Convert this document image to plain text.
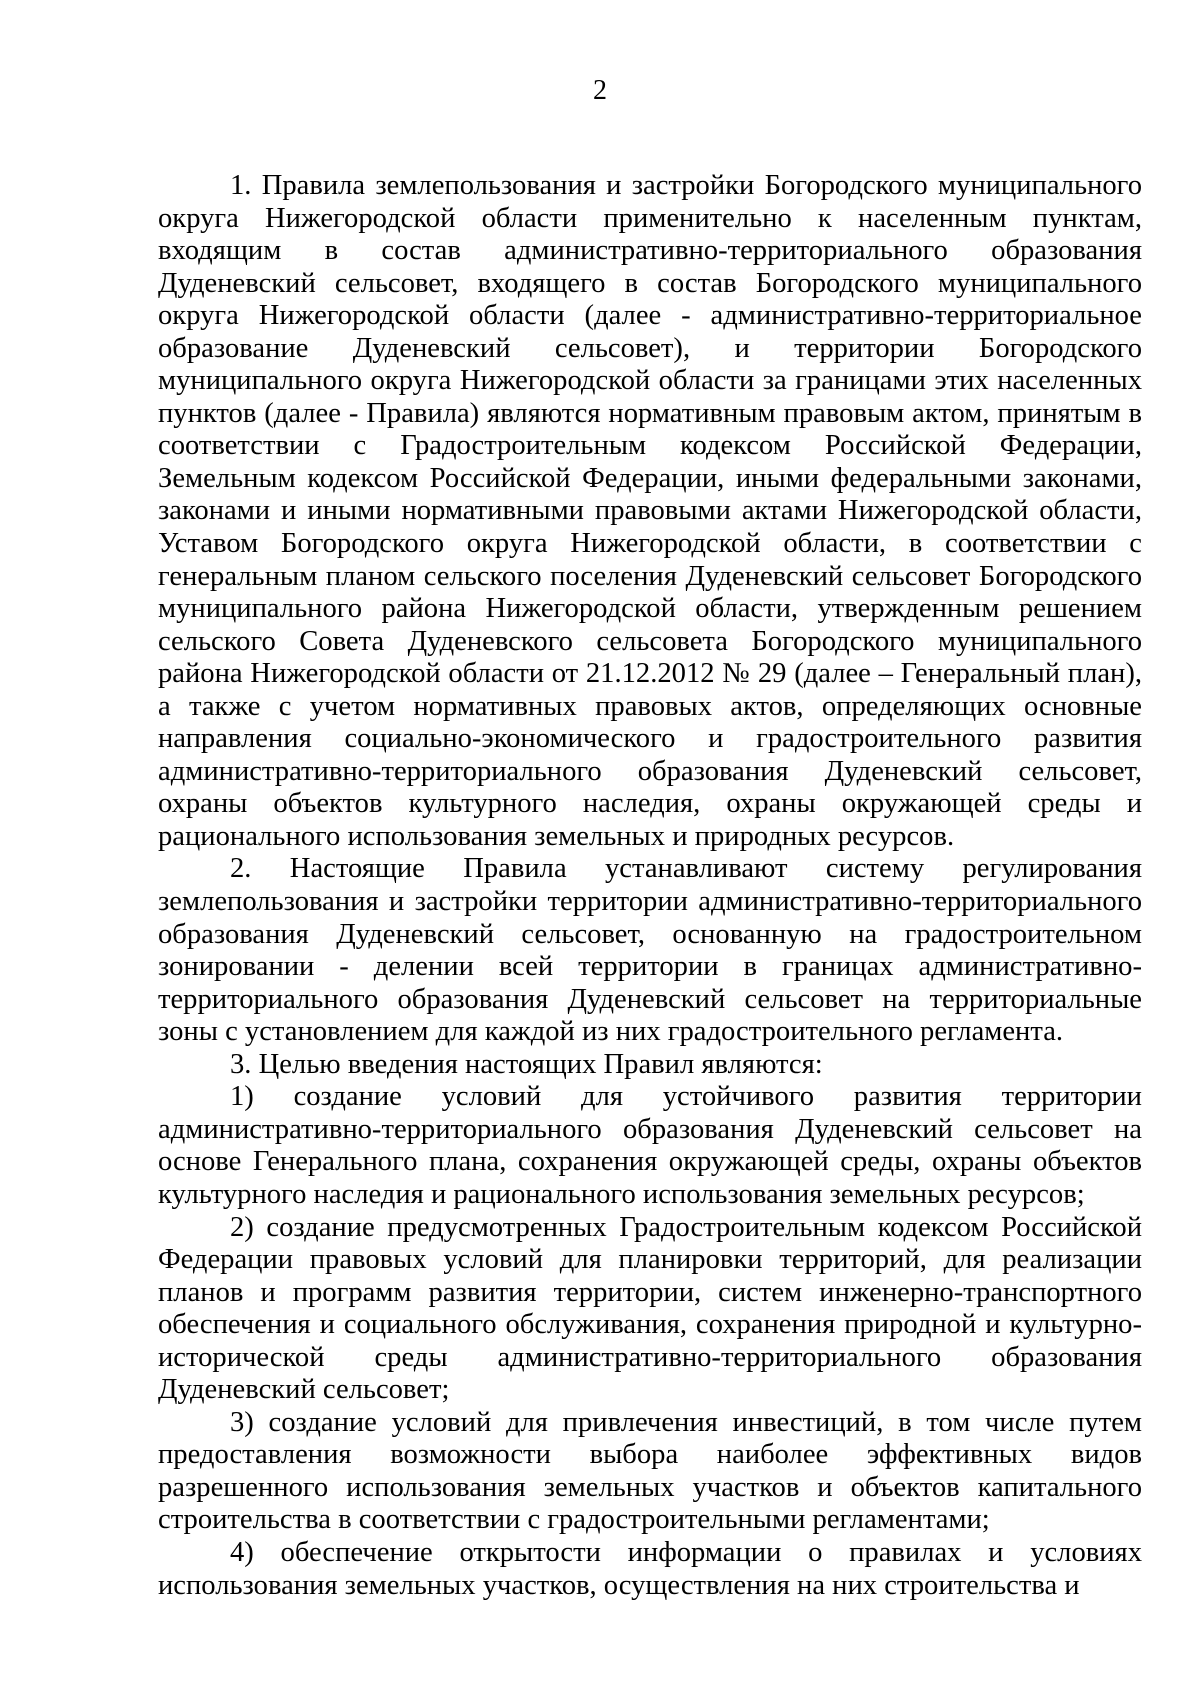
2

1. Правила землепользования и застройки Богородского муниципального округа Нижегородской области применительно к населенным пунктам, входящим в состав административно-территориального образования Дуденевский сельсовет, входящего в состав Богородского муниципального округа Нижегородской области (далее - административно-территориальное образование Дуденевский сельсовет), и территории Богородского муниципального округа Нижегородской области за границами этих населенных пунктов (далее - Правила) являются нормативным правовым актом, принятым в соответствии с Градостроительным кодексом Российской Федерации, Земельным кодексом Российской Федерации, иными федеральными законами, законами и иными нормативными правовыми актами Нижегородской области, Уставом Богородского округа Нижегородской области, в соответствии с генеральным планом сельского поселения Дуденевский сельсовет Богородского муниципального района Нижегородской области, утвержденным решением сельского Совета Дуденевского сельсовета Богородского муниципального района Нижегородской области от 21.12.2012 № 29 (далее – Генеральный план), а также с учетом нормативных правовых актов, определяющих основные направления социально-экономического и градостроительного развития административно-территориального образования Дуденевский сельсовет, охраны объектов культурного наследия, охраны окружающей среды и рационального использования земельных и природных ресурсов.

2. Настоящие Правила устанавливают систему регулирования землепользования и застройки территории административно-территориального образования Дуденевский сельсовет, основанную на градостроительном зонировании - делении всей территории в границах административно-территориального образования Дуденевский сельсовет на территориальные зоны с установлением для каждой из них градостроительного регламента.

3. Целью введения настоящих Правил являются:

1) создание условий для устойчивого развития территории административно-территориального образования Дуденевский сельсовет на основе Генерального плана, сохранения окружающей среды, охраны объектов культурного наследия и рационального использования земельных ресурсов;

2) создание предусмотренных Градостроительным кодексом Российской Федерации правовых условий для планировки территорий, для реализации планов и программ развития территории, систем инженерно-транспортного обеспечения и социального обслуживания, сохранения природной и культурно-исторической среды административно-территориального образования Дуденевский сельсовет;

3) создание условий для привлечения инвестиций, в том числе путем предоставления возможности выбора наиболее эффективных видов разрешенного использования земельных участков и объектов капитального строительства в соответствии с градостроительными регламентами;

4) обеспечение открытости информации о правилах и условиях использования земельных участков, осуществления на них строительства и
